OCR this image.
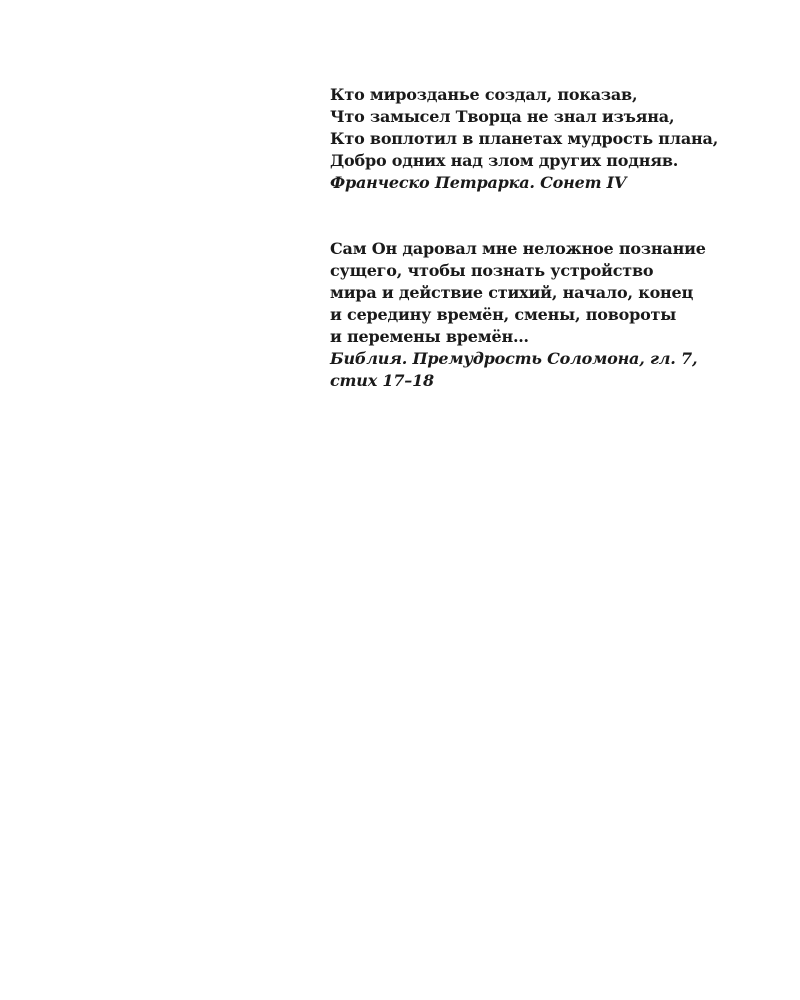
Кто мирозданье создал, показав,
Что замысел Творца не знал изъяна,
Кто воплотил в планетах мудрость плана,
Добро одних над злом других подняв.
Франческо Петрарка. Сонет IV
Сам Он даровал мне неложное познание
сущего, чтобы познать устройство
мира и действие стихий, начало, конец
и середину времён, смены, повороты
и перемены времён…
Библия. Премудрость Соломона, гл. 7,
стих 17–18
